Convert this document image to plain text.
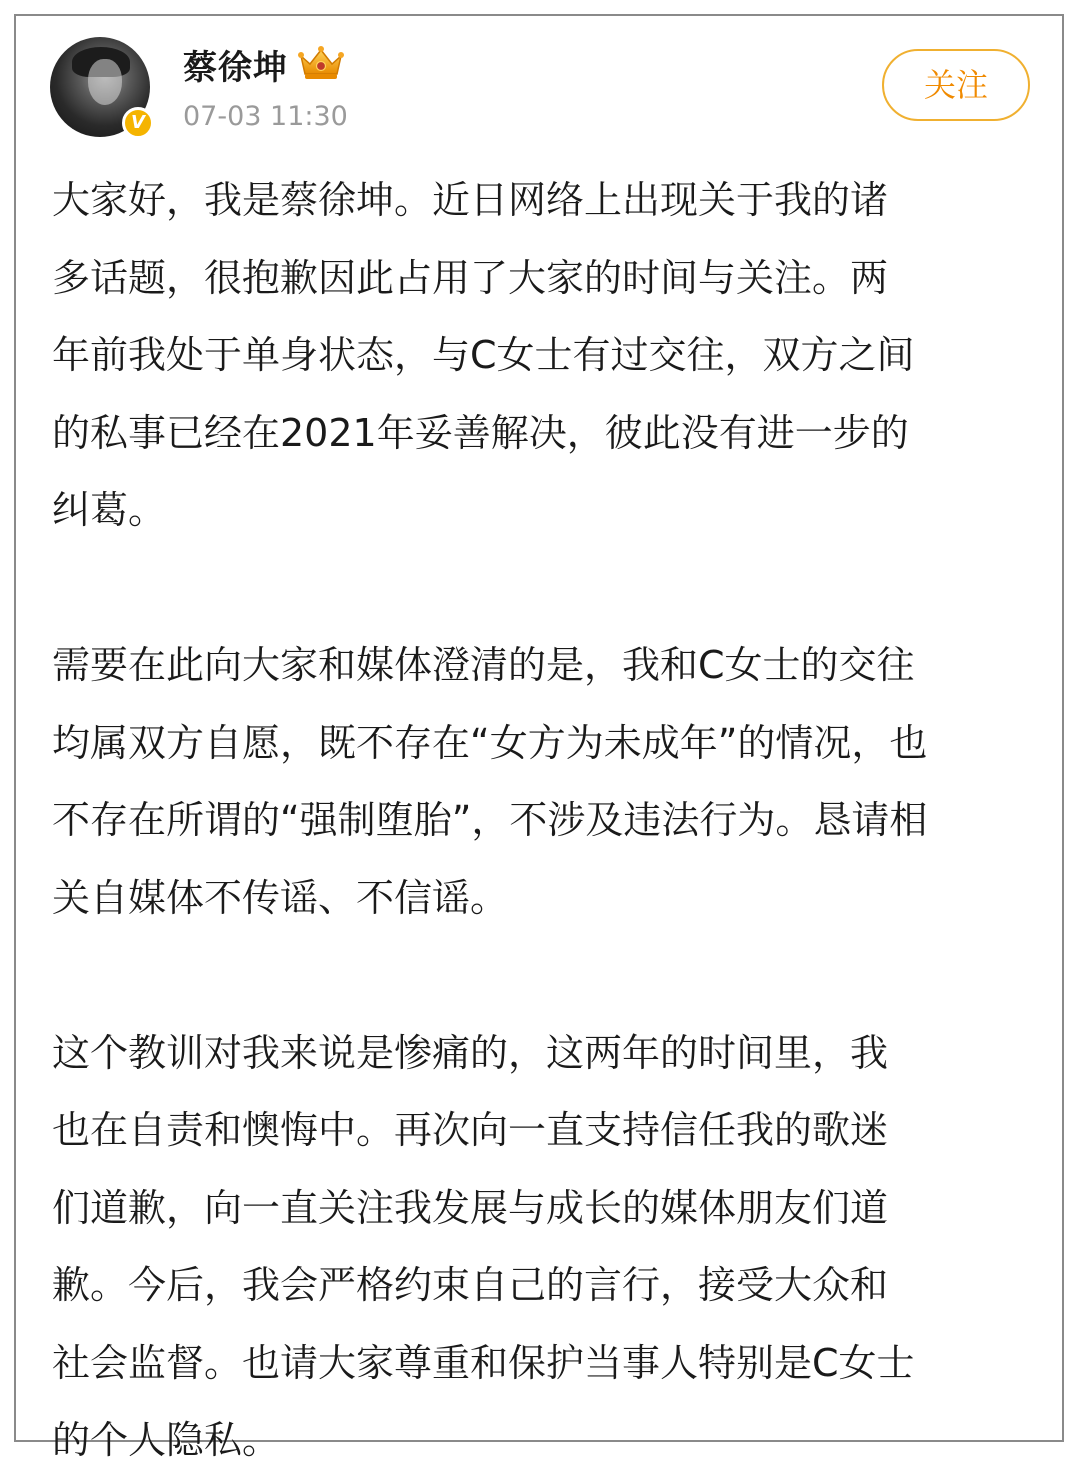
V
蔡徐坤
07-03 11:30
关注

大家好，我是蔡徐坤。近日网络上出现关于我的诸
多话题，很抱歉因此占用了大家的时间与关注。两
年前我处于单身状态，与C女士有过交往，双方之间
的私事已经在2021年妥善解决，彼此没有进一步的
纠葛。

需要在此向大家和媒体澄清的是，我和C女士的交往
均属双方自愿，既不存在“女方为未成年”的情况，也
不存在所谓的“强制堕胎”，不涉及违法行为。恳请相
关自媒体不传谣、不信谣。

这个教训对我来说是惨痛的，这两年的时间里，我
也在自责和懊悔中。再次向一直支持信任我的歌迷
们道歉，向一直关注我发展与成长的媒体朋友们道
歉。今后，我会严格约束自己的言行，接受大众和
社会监督。也请大家尊重和保护当事人特别是C女士
的个人隐私。
